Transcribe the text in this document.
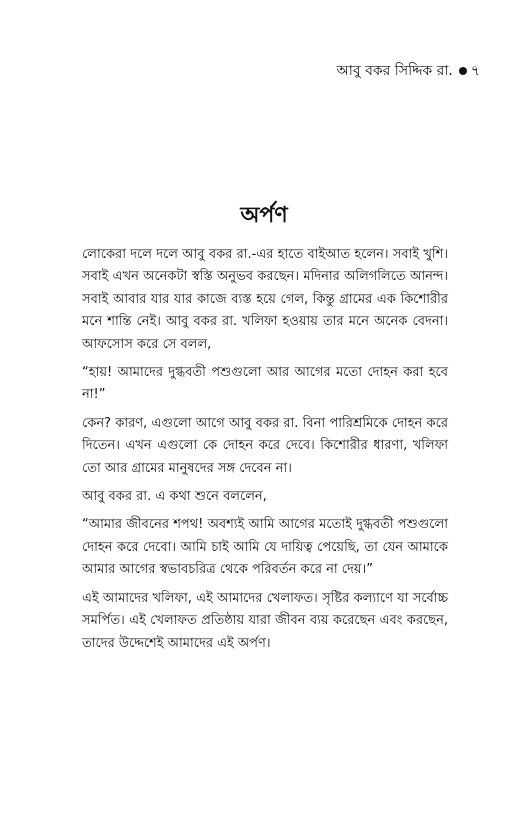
আবু বকর সিদ্দিক রা. ৭
অর্পণ

লোকেরা দলে দলে আবু বকর রা.-এর হাতে বাইআত হলেন। সবাই খুশি। সবাই এখন অনেকটা স্বস্তি অনুভব করছেন। মদিনার অলিগলিতে আনন্দ। সবাই আবার যার যার কাজে ব্যস্ত হয়ে গেল, কিন্তু গ্রামের এক কিশোরীর মনে শান্তি নেই। আবু বকর রা. খলিফা হওয়ায় তার মনে অনেক বেদনা। আফসোস করে সে বলল,

“হায়! আমাদের দুগ্ধবতী পশুগুলো আর আগের মতো দোহন করা হবে না!”

কেন? কারণ, এগুলো আগে আবু বকর রা. বিনা পারিশ্রমিকে দোহন করে দিতেন। এখন এগুলো কে দোহন করে দেবে। কিশোরীর ধারণা, খলিফা তো আর গ্রামের মানুষদের সঙ্গ দেবেন না।

আবু বকর রা. এ কথা শুনে বললেন,

“আমার জীবনের শপথ! অবশ্যই আমি আগের মতোই দুগ্ধবতী পশুগুলো দোহন করে দেবো। আমি চাই আমি যে দায়িত্ব পেয়েছি, তা যেন আমাকে আমার আগের স্বভাবচরিত্র থেকে পরিবর্তন করে না দেয়।”

এই আমাদের খলিফা, এই আমাদের খেলাফত। সৃষ্টির কল্যাণে যা সর্বোচ্চ সমর্পিত। এই খেলাফত প্রতিষ্ঠায় যারা জীবন ব্যয় করেছেন এবং করছেন, তাদের উদ্দেশেই আমাদের এই অর্পণ।
